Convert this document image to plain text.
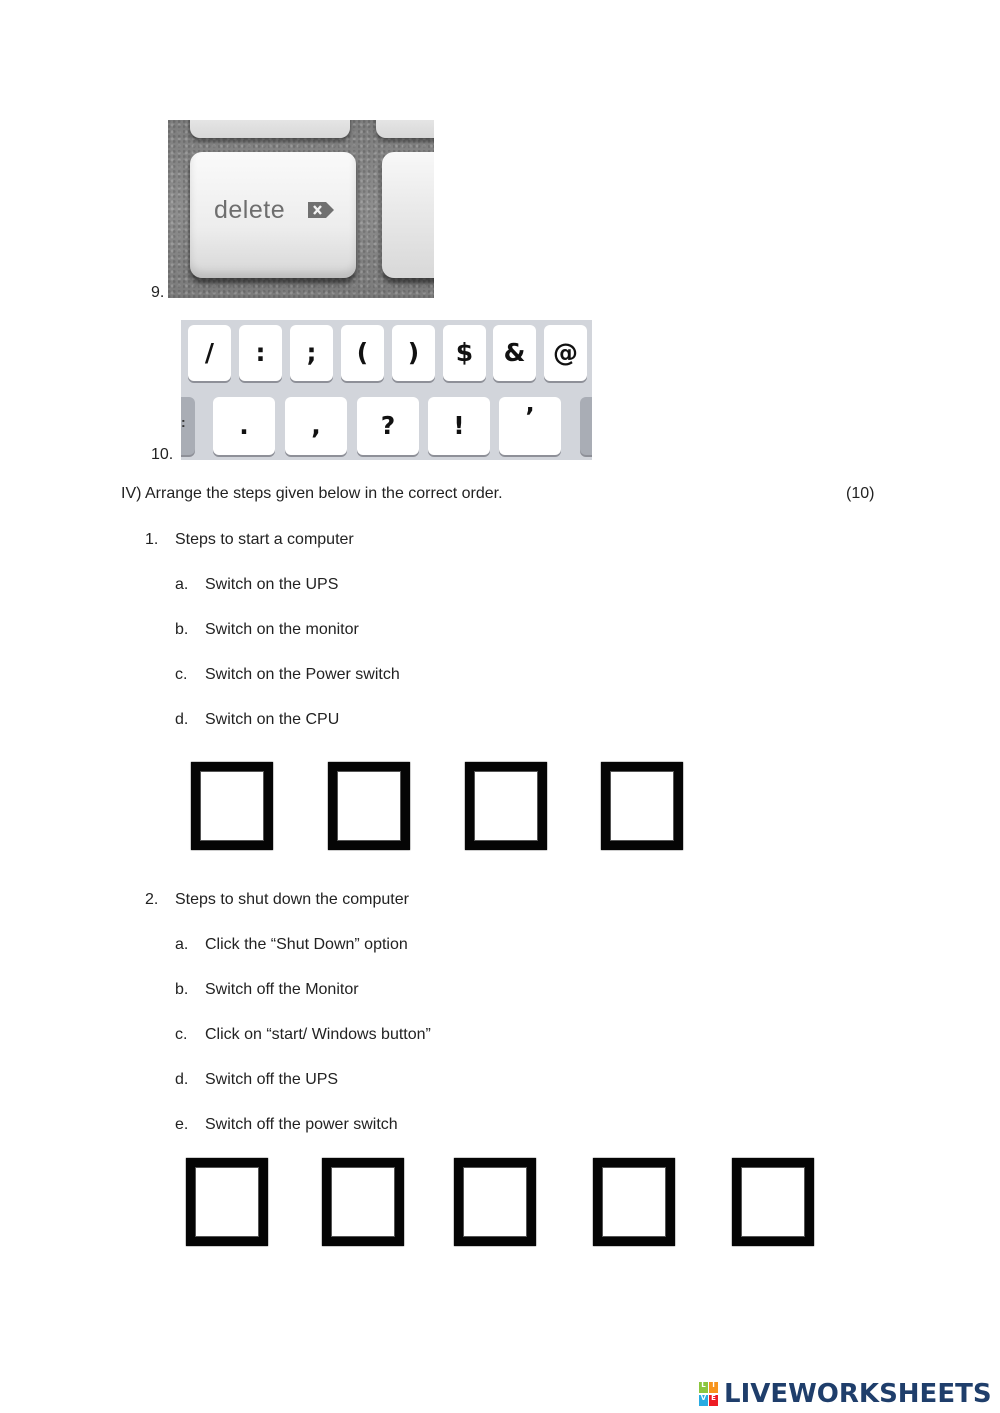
9.
delete
10.
/	:	;	(	)	$	&	@
:	.	,	?	!	’
IV) Arrange the steps given below in the correct order.	(10)
1. Steps to start a computer
a. Switch on the UPS
b. Switch on the monitor
c. Switch on the Power switch
d. Switch on the CPU
2. Steps to shut down the computer
a. Click the “Shut Down” option
b. Switch off the Monitor
c. Click on “start/ Windows button”
d. Switch off the UPS
e. Switch off the power switch
L I
V E LIVEWORKSHEETS
